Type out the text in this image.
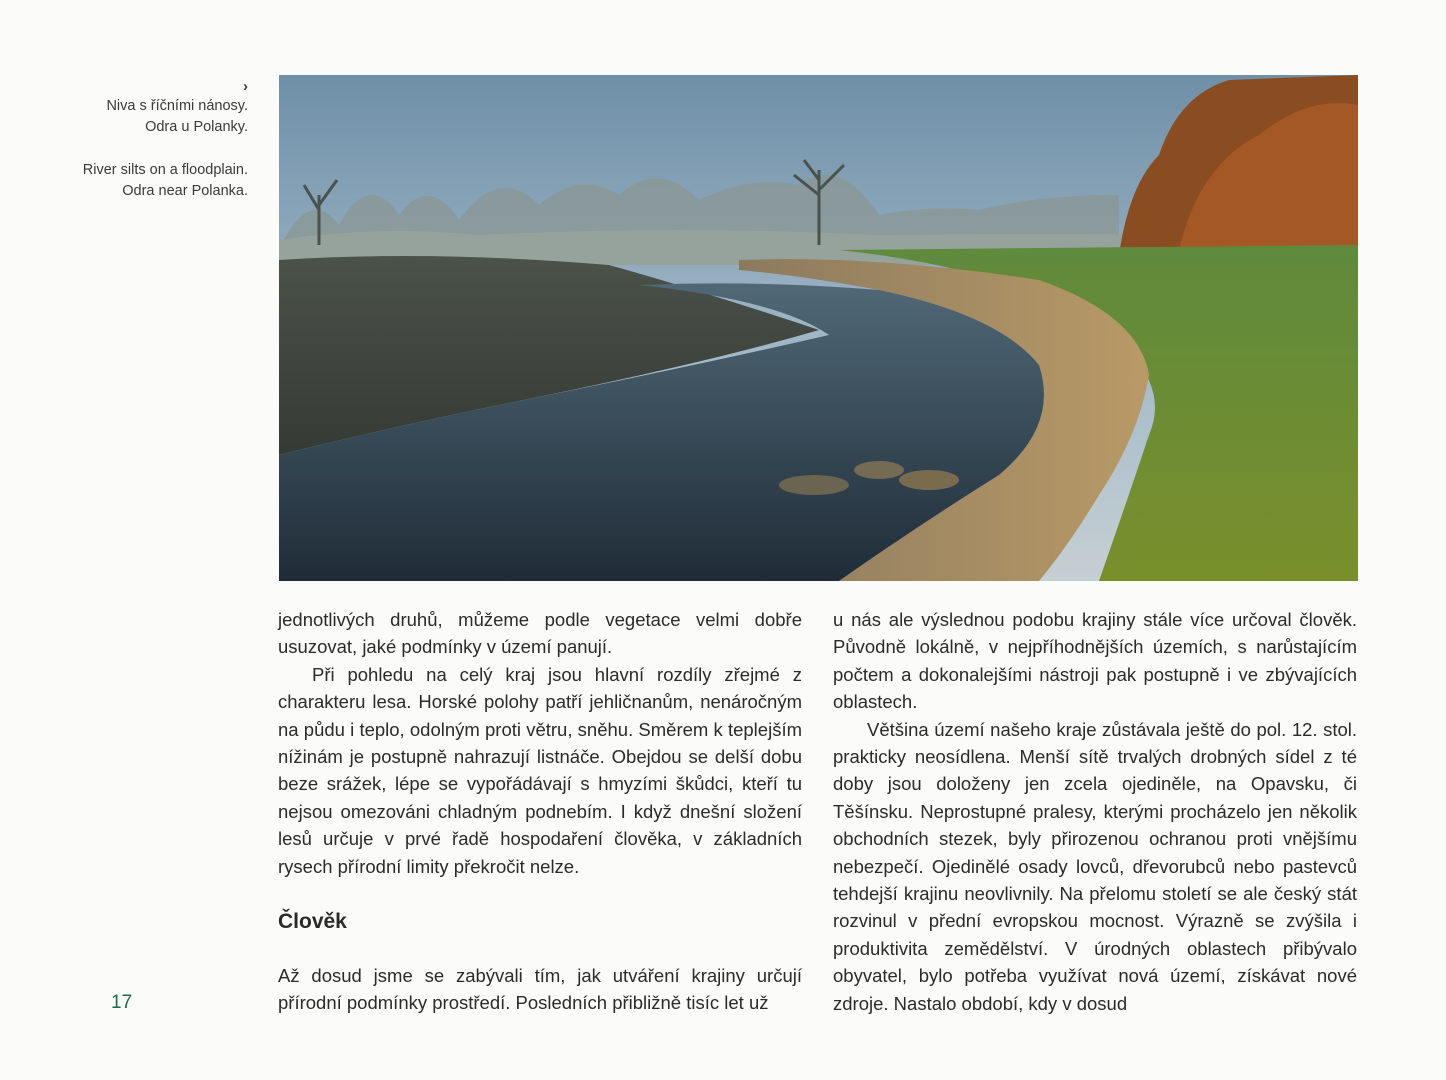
›

Niva s říčními nánosy.

Odra u Polanky.

River silts on a floodplain.

Odra near Polanka.

jednotlivých druhů, můžeme podle vegetace velmi dobře usuzovat, jaké podmínky v území panují.

Při pohledu na celý kraj jsou hlavní rozdíly zřejmé z charakteru lesa. Horské polohy patří jehličnanům, nenáročným na půdu i teplo, odolným proti větru, sněhu. Směrem k teplejším nížinám je postupně nahrazují listnáče. Obejdou se delší dobu beze srážek, lépe se vypořádávají s hmyzími škůdci, kteří tu nejsou omezováni chladným podnebím. I když dnešní složení lesů určuje v prvé řadě hospodaření člověka, v základních rysech přírodní limity překročit nelze.

Člověk

Až dosud jsme se zabývali tím, jak utváření krajiny určují přírodní podmínky prostředí. Posledních přibližně tisíc let už

u nás ale výslednou podobu krajiny stále více určoval člověk. Původně lokálně, v nejpříhodnějších územích, s narůstajícím počtem a dokonalejšími nástroji pak postupně i ve zbývajících oblastech.

Většina území našeho kraje zůstávala ještě do pol. 12. stol. prakticky neosídlena. Menší sítě trvalých drobných sídel z té doby jsou doloženy jen zcela ojediněle, na Opavsku, či Těšínsku. Neprostupné pralesy, kterými procházelo jen několik obchodních stezek, byly přirozenou ochranou proti vnějšímu nebezpečí. Ojedinělé osady lovců, dřevorubců nebo pastevců tehdejší krajinu neovlivnily. Na přelomu století se ale český stát rozvinul v přední evropskou mocnost. Výrazně se zvýšila i produktivita zemědělství. V úrodných oblastech přibývalo obyvatel, bylo potřeba využívat nová území, získávat nové zdroje. Nastalo období, kdy v dosud

17
